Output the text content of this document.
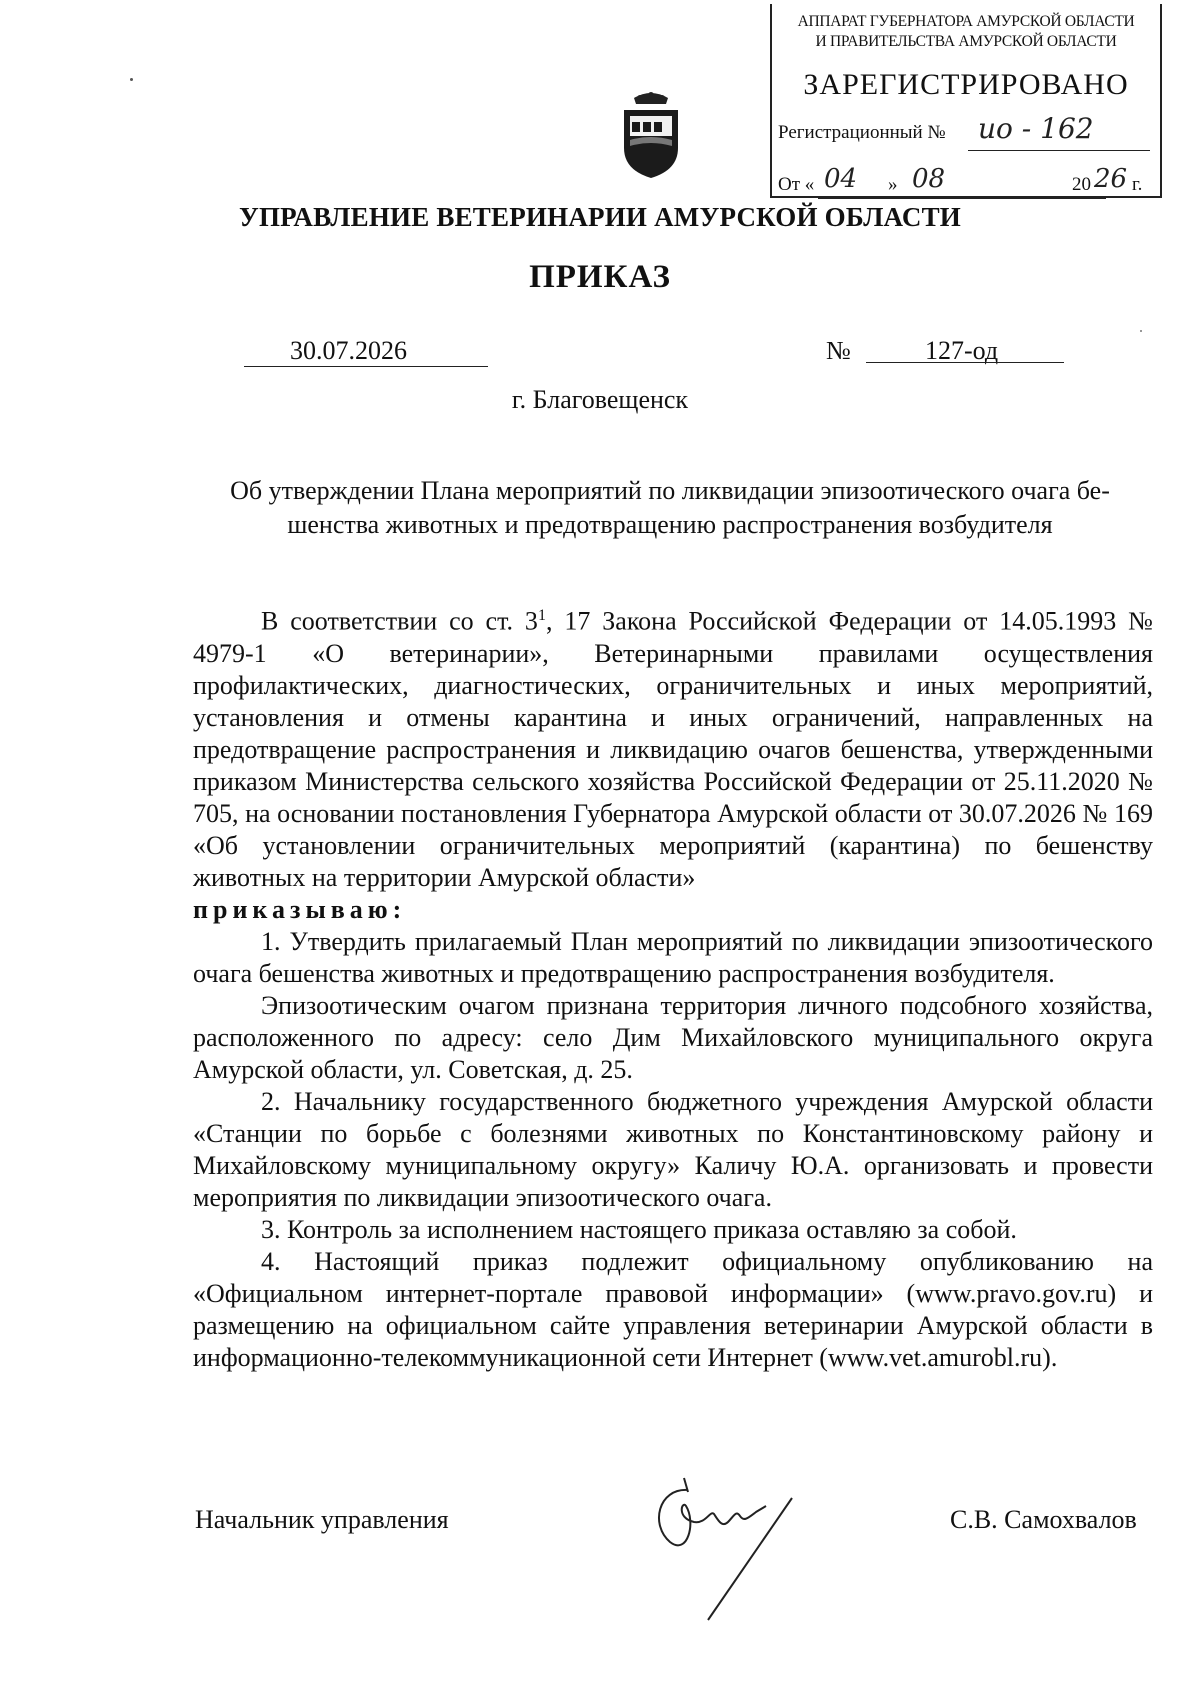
АППАРАТ ГУБЕРНАТОРА АМУРСКОЙ ОБЛАСТИ
И ПРАВИТЕЛЬСТВА АМУРСКОЙ ОБЛАСТИ
ЗАРЕГИСТРИРОВАНО
Регистрационный № ио - 162
От « 04 » 08	20 26 г.
УПРАВЛЕНИЕ ВЕТЕРИНАРИИ АМУРСКОЙ ОБЛАСТИ
ПРИКАЗ
30.07.2026	№	127-од
г. Благовещенск
Об утверждении Плана мероприятий по ликвидации эпизоотического очага бе-
шенства животных и предотвращению распространения возбудителя

В соответствии со ст. $3^1$, 17 Закона Российской Федерации от 14.05.1993 № 4979-1 «О ветеринарии», Ветеринарными правилами осуществления профилактических, диагностических, ограничительных и иных мероприятий, установления и отмены карантина и иных ограничений, направленных на предотвращение распространения и ликвидацию очагов бешенства, утвержденными приказом Министерства сельского хозяйства Российской Федерации от 25.11.2020 № 705, на основании постановления Губернатора Амурской области от 30.07.2026 № 169 «Об установлении ограничительных мероприятий (карантина) по бешенству животных на территории Амурской области»

приказываю:

1. Утвердить прилагаемый План мероприятий по ликвидации эпизоотического очага бешенства животных и предотвращению распространения возбудителя.

Эпизоотическим очагом признана территория личного подсобного хозяйства, расположенного по адресу: село Дим Михайловского муниципального округа Амурской области, ул. Советская, д. 25.

2. Начальнику государственного бюджетного учреждения Амурской области «Станции по борьбе с болезнями животных по Константиновскому району и Михайловскому муниципальному округу» Каличу Ю.А. организовать и провести мероприятия по ликвидации эпизоотического очага.

3. Контроль за исполнением настоящего приказа оставляю за собой.

4. Настоящий приказ подлежит официальному опубликованию на «Официальном интернет-портале правовой информации» (www.pravo.gov.ru) и размещению на официальном сайте управления ветеринарии Амурской области в информационно-телекоммуникационной сети Интернет (www.vet.amurobl.ru).

Начальник управления	С.В. Самохвалов
